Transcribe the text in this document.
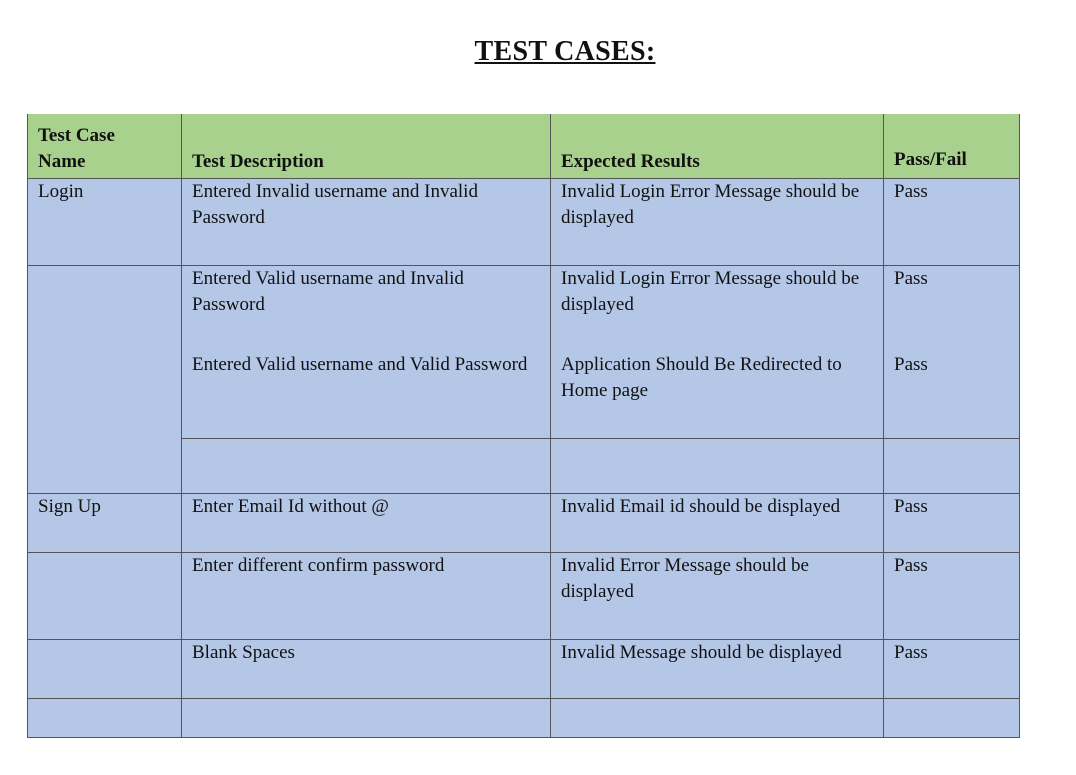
TEST CASES:
Test Case
Name	Test Description	Expected Results	Pass/Fail
Login	Entered Invalid username and Invalid Password	Invalid Login Error Message should be displayed	Pass
	Entered Valid username and Invalid Password	Invalid Login Error Message should be displayed	Pass
	Entered Valid username and Valid Password	Application Should Be Redirected to Home page	Pass

Sign Up	Enter Email Id without @	Invalid Email id should be displayed	Pass
	Enter different confirm password	Invalid Error Message should be displayed	Pass
	Blank Spaces	Invalid Message should be displayed	Pass
